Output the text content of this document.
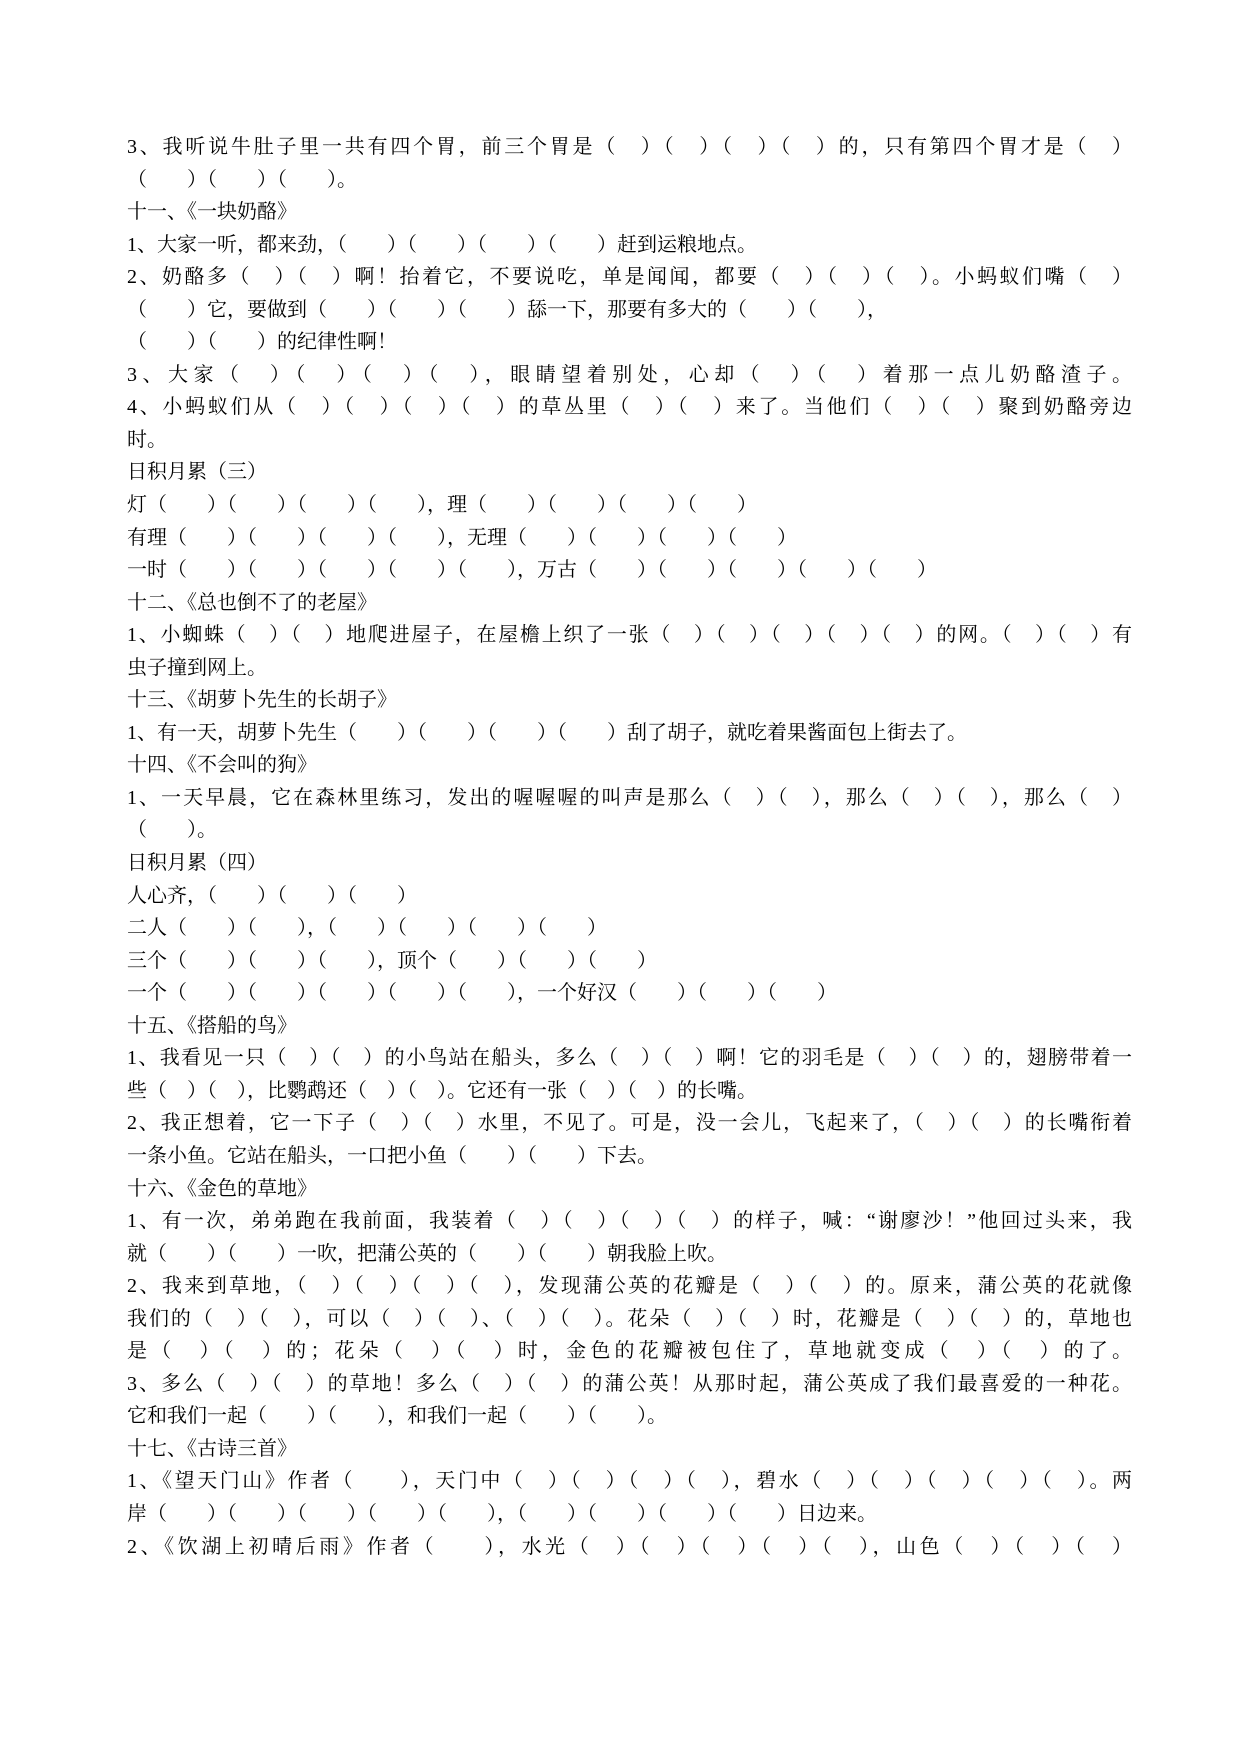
3、我听说牛肚子里一共有四个胃，前三个胃是（　）（　）（　）（　）的，只有第四个胃才是（　）
（　　）（　　）（　　）。
十一、《一块奶酪》
1、大家一听，都来劲，（　　）（　　）（　　）（　　）赶到运粮地点。
2、奶酪多（　）（　）啊！抬着它，不要说吃，单是闻闻，都要（　）（　）（　）。小蚂蚁们嘴（　）
（　　）它，要做到（　　）（　　）（　　）舔一下，那要有多大的（　　）（　　），
（　　）（　　）的纪律性啊！
3、大家（　）（　）（　）（　），眼睛望着别处，心却（　）（　）着那一点儿奶酪渣子。
4、小蚂蚁们从（　）（　）（　）（　）的草丛里（　）（　）来了。当他们（　）（　）聚到奶酪旁边
时。
日积月累（三）
灯（　　）（　　）（　　）（　　），理（　　）（　　）（　　）（　　）
有理（　　）（　　）（　　）（　　），无理（　　）（　　）（　　）（　　）
一时（　　）（　　）（　　）（　　）（　　），万古（　　）（　　）（　　）（　　）（　　）
十二、《总也倒不了的老屋》
1、小蜘蛛（　）（　）地爬进屋子，在屋檐上织了一张（　）（　）（　）（　）（　）的网。（　）（　）有
虫子撞到网上。
十三、《胡萝卜先生的长胡子》
1、有一天，胡萝卜先生（　　）（　　）（　　）（　　）刮了胡子，就吃着果酱面包上街去了。
十四、《不会叫的狗》
1、一天早晨，它在森林里练习，发出的喔喔喔的叫声是那么（　）（　），那么（　）（　），那么（　）
（　　）。
日积月累（四）
人心齐，（　　）（　　）（　　）
二人（　　）（　　），（　　）（　　）（　　）（　　）
三个（　　）（　　）（　　），顶个（　　）（　　）（　　）
一个（　　）（　　）（　　）（　　）（　　），一个好汉（　　）（　　）（　　）
十五、《搭船的鸟》
1、我看见一只（　）（　）的小鸟站在船头，多么（　）（　）啊！它的羽毛是（　）（　）的，翅膀带着一
些（　）（　），比鹦鹉还（　）（　）。它还有一张（　）（　）的长嘴。
2、我正想着，它一下子（　）（　）水里，不见了。可是，没一会儿，飞起来了，（　）（　）的长嘴衔着
一条小鱼。它站在船头，一口把小鱼（　　）（　　）下去。
十六、《金色的草地》
1、有一次，弟弟跑在我前面，我装着（　）（　）（　）（　）的样子，喊：“谢廖沙！”他回过头来，我
就（　　）（　　）一吹，把蒲公英的（　　）（　　）朝我脸上吹。
2、我来到草地，（　）（　）（　）（　），发现蒲公英的花瓣是（　）（　）的。原来，蒲公英的花就像
我们的（　）（　），可以（　）（　）、（　）（　）。花朵（　）（　）时，花瓣是（　）（　）的，草地也
是（　）（　）的；花朵（　）（　）时，金色的花瓣被包住了，草地就变成（　）（　）的了。
3、多么（　）（　）的草地！多么（　）（　）的蒲公英！从那时起，蒲公英成了我们最喜爱的一种花。
它和我们一起（　　）（　　），和我们一起（　　）（　　）。
十七、《古诗三首》
1、《望天门山》作者（　　），天门中（　）（　）（　）（　），碧水（　）（　）（　）（　）（　）。两
岸（　　）（　　）（　　）（　　）（　　），（　　）（　　）（　　）（　　）日边来。
2、《饮湖上初晴后雨》作者（　　），水光（　）（　）（　）（　）（　），山色（　）（　）（　）
